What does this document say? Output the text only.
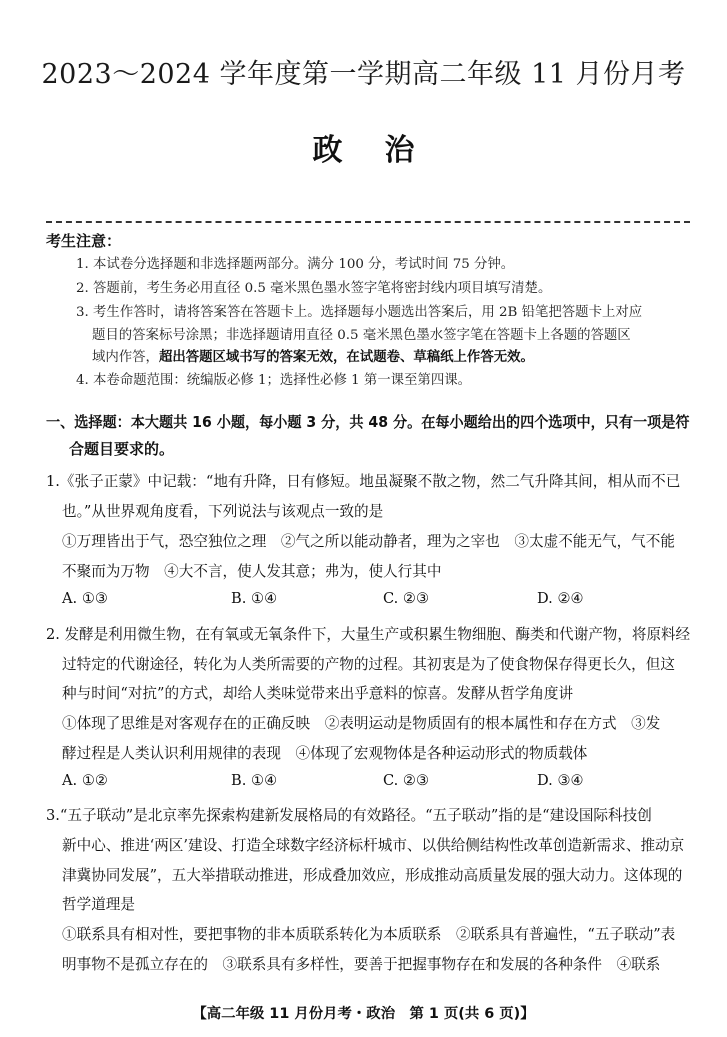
2023～2024 学年度第一学期高二年级 11 月份月考
政治
考生注意：
1. 本试卷分选择题和非选择题两部分。满分 100 分，考试时间 75 分钟。
2. 答题前，考生务必用直径 0.5 毫米黑色墨水签字笔将密封线内项目填写清楚。
3. 考生作答时，请将答案答在答题卡上。选择题每小题选出答案后，用 2B 铅笔把答题卡上对应
题目的答案标号涂黑；非选择题请用直径 0.5 毫米黑色墨水签字笔在答题卡上各题的答题区
域内作答，超出答题区域书写的答案无效，在试题卷、草稿纸上作答无效。
4. 本卷命题范围：统编版必修 1；选择性必修 1 第一课至第四课。
一、选择题：本大题共 16 小题，每小题 3 分，共 48 分。在每小题给出的四个选项中，只有一项是符
合题目要求的。
1.《张子正蒙》中记载：“地有升降，日有修短。地虽凝聚不散之物，然二气升降其间，相从而不已
也。”从世界观角度看，下列说法与该观点一致的是
①万理皆出于气，恐空独位之理　②气之所以能动静者，理为之宰也　③太虚不能无气，气不能
不聚而为万物　④大不言，使人发其意；弗为，使人行其中
A. ①③	B. ①④	C. ②③	D. ②④
2. 发酵是利用微生物，在有氧或无氧条件下，大量生产或积累生物细胞、酶类和代谢产物，将原料经
过特定的代谢途径，转化为人类所需要的产物的过程。其初衷是为了使食物保存得更长久，但这
种与时间“对抗”的方式，却给人类味觉带来出乎意料的惊喜。发酵从哲学角度讲
①体现了思维是对客观存在的正确反映　②表明运动是物质固有的根本属性和存在方式　③发
酵过程是人类认识利用规律的表现　④体现了宏观物体是各种运动形式的物质载体
A. ①②	B. ①④	C. ②③	D. ③④
3.“五子联动”是北京率先探索构建新发展格局的有效路径。“五子联动”指的是“建设国际科技创
新中心、推进‘两区’建设、打造全球数字经济标杆城市、以供给侧结构性改革创造新需求、推动京
津冀协同发展”，五大举措联动推进，形成叠加效应，形成推动高质量发展的强大动力。这体现的
哲学道理是
①联系具有相对性，要把事物的非本质联系转化为本质联系　②联系具有普遍性，“五子联动”表
明事物不是孤立存在的　③联系具有多样性，要善于把握事物存在和发展的各种条件　④联系
【高二年级 11 月份月考・政治　第 1 页(共 6 页)】
